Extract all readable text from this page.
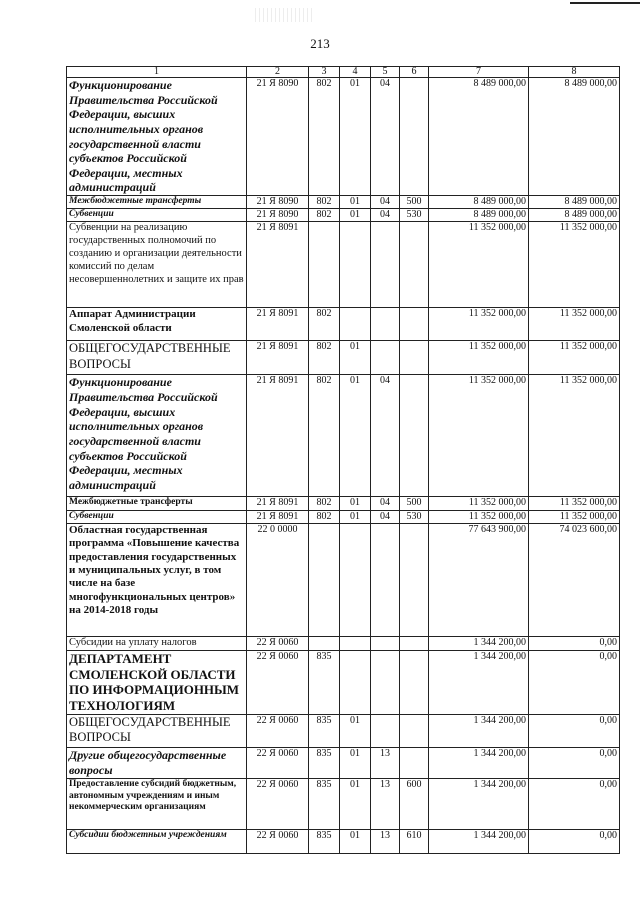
213
1	2	3	4	5	6	7	8
Функционирование Правительства Российской Федерации, высших исполнительных органов государственной власти субъектов Российской Федерации, местных администраций	21 Я 8090	802	01	04		8 489 000,00	8 489 000,00
Межбюджетные трансферты	21 Я 8090	802	01	04	500	8 489 000,00	8 489 000,00
Субвенции	21 Я 8090	802	01	04	530	8 489 000,00	8 489 000,00
Субвенции на реализацию государственных полномочий по созданию и организации деятельности комиссий по делам несовершеннолетних и защите их прав	21 Я 8091					11 352 000,00	11 352 000,00
Аппарат Администрации Смоленской области	21 Я 8091	802				11 352 000,00	11 352 000,00
ОБЩЕГОСУДАРСТВЕННЫЕ ВОПРОСЫ	21 Я 8091	802	01			11 352 000,00	11 352 000,00
Функционирование Правительства Российской Федерации, высших исполнительных органов государственной власти субъектов Российской Федерации, местных администраций	21 Я 8091	802	01	04		11 352 000,00	11 352 000,00
Межбюджетные трансферты	21 Я 8091	802	01	04	500	11 352 000,00	11 352 000,00
Субвенции	21 Я 8091	802	01	04	530	11 352 000,00	11 352 000,00
Областная государственная программа «Повышение качества предоставления государственных и муниципальных услуг, в том числе на базе многофункциональных центров» на 2014-2018 годы	22 0 0000					77 643 900,00	74 023 600,00
Субсидии на уплату налогов	22 Я 0060					1 344 200,00	0,00
ДЕПАРТАМЕНТ СМОЛЕНСКОЙ ОБЛАСТИ ПО ИНФОРМАЦИОННЫМ ТЕХНОЛОГИЯМ	22 Я 0060	835				1 344 200,00	0,00
ОБЩЕГОСУДАРСТВЕННЫЕ ВОПРОСЫ	22 Я 0060	835	01			1 344 200,00	0,00
Другие общегосударственные вопросы	22 Я 0060	835	01	13		1 344 200,00	0,00
Предоставление субсидий бюджетным, автономным учреждениям и иным некоммерческим организациям	22 Я 0060	835	01	13	600	1 344 200,00	0,00
Субсидии бюджетным учреждениям	22 Я 0060	835	01	13	610	1 344 200,00	0,00
